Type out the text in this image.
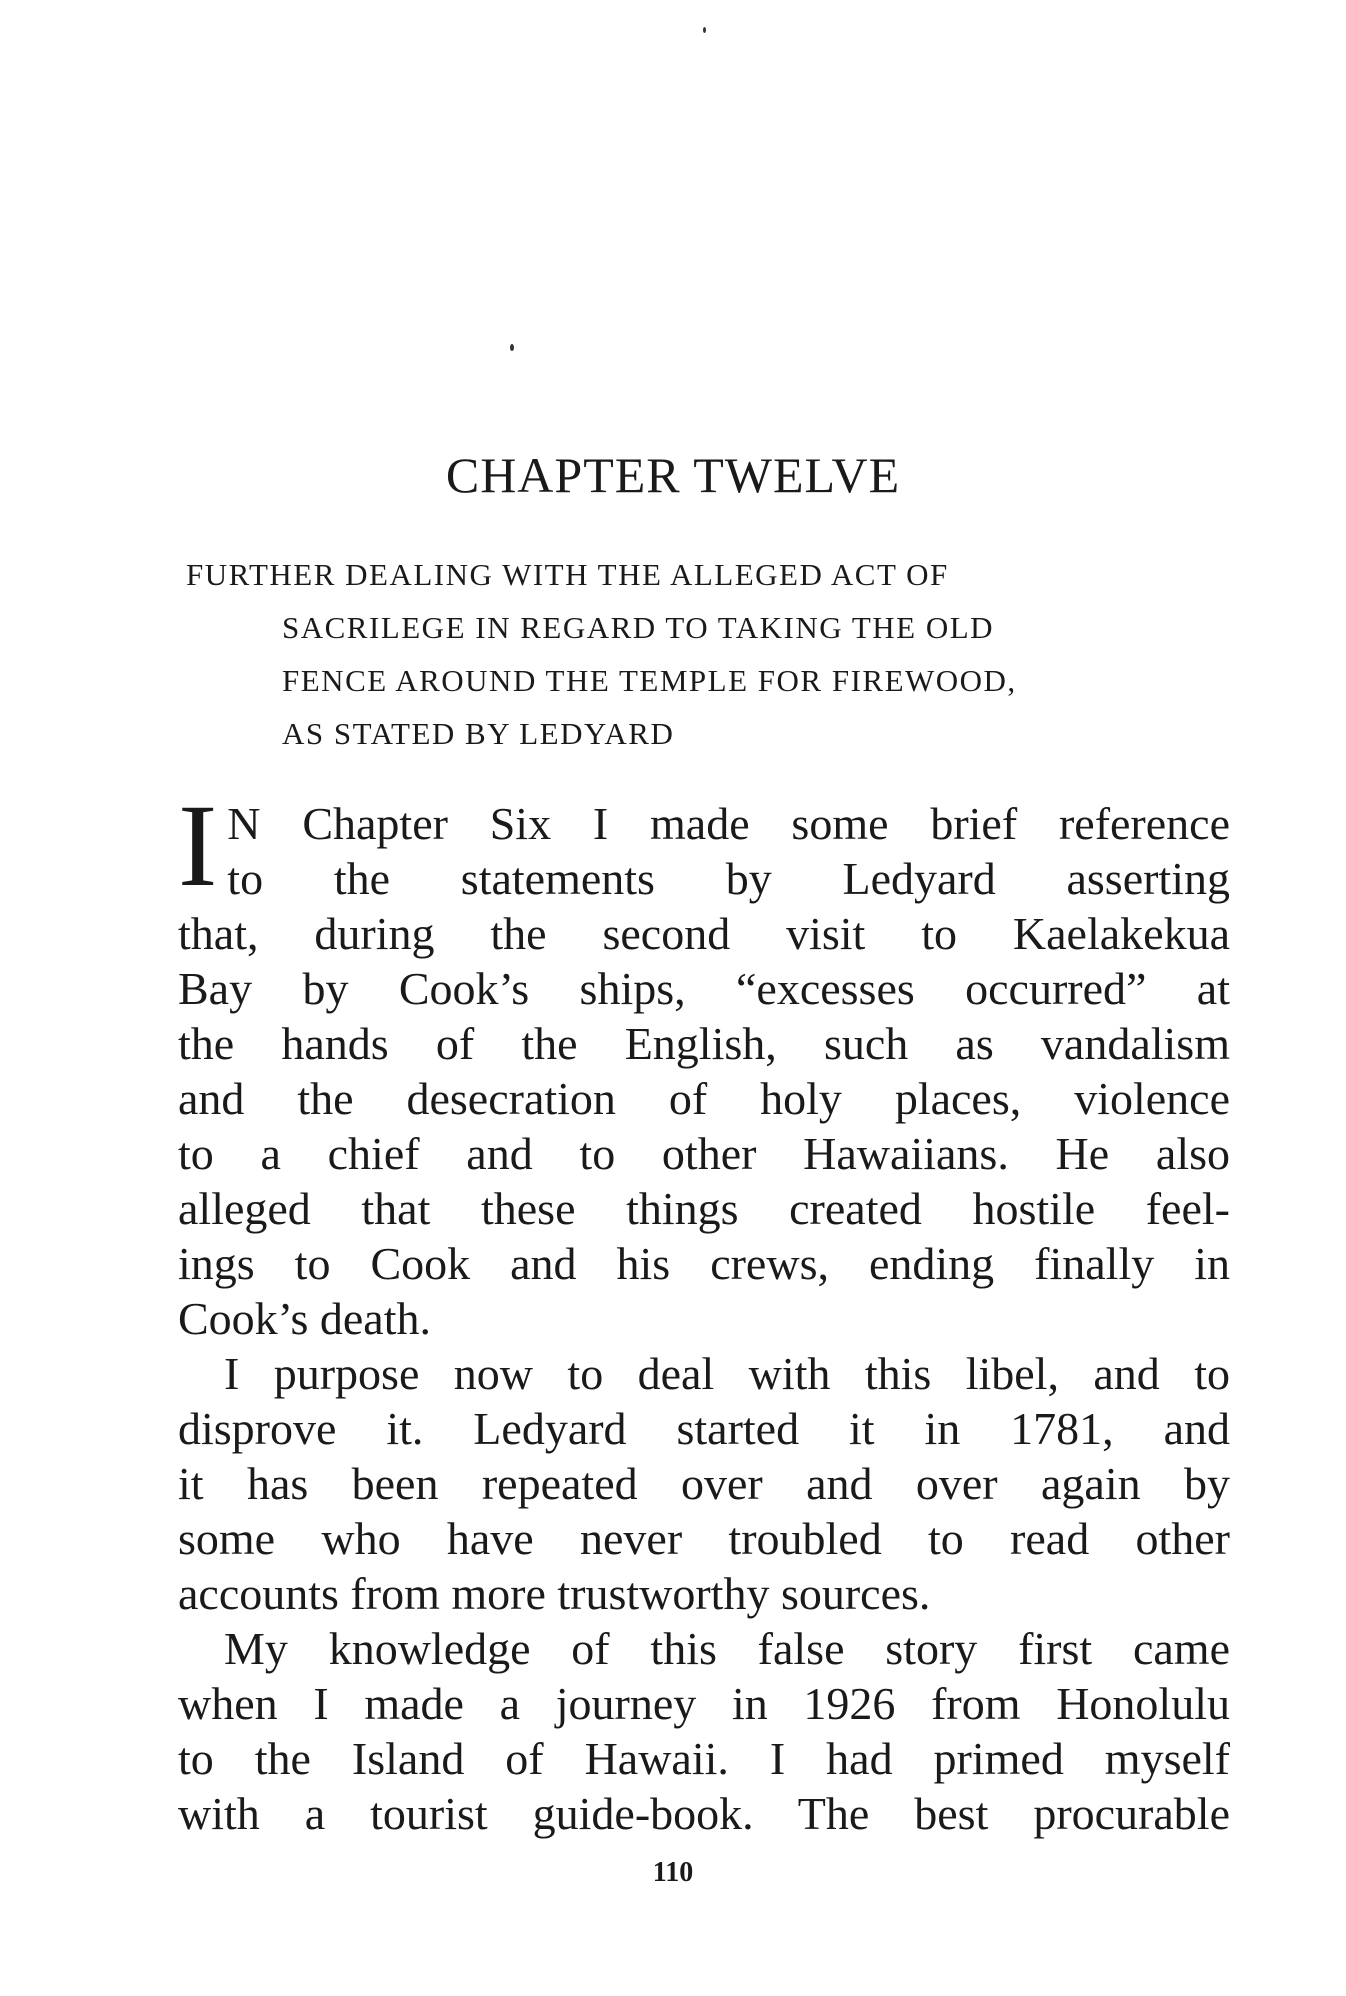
CHAPTER TWELVE
FURTHER DEALING WITH THE ALLEGED ACT OF
SACRILEGE IN REGARD TO TAKING THE OLD
FENCE AROUND THE TEMPLE FOR FIREWOOD,
AS STATED BY LEDYARD
I N Chapter Six I made some brief reference
to the statements by Ledyard asserting
that, during the second visit to Kaelakekua
Bay by Cook’s ships, “excesses occurred” at
the hands of the English, such as vandalism
and the desecration of holy places, violence
to a chief and to other Hawaiians. He also
alleged that these things created hostile feel-
ings to Cook and his crews, ending finally in
Cook’s death.
I purpose now to deal with this libel, and to
disprove it. Ledyard started it in 1781, and
it has been repeated over and over again by
some who have never troubled to read other
accounts from more trustworthy sources.
My knowledge of this false story first came
when I made a journey in 1926 from Honolulu
to the Island of Hawaii. I had primed myself
with a tourist guide-book. The best procurable
110
